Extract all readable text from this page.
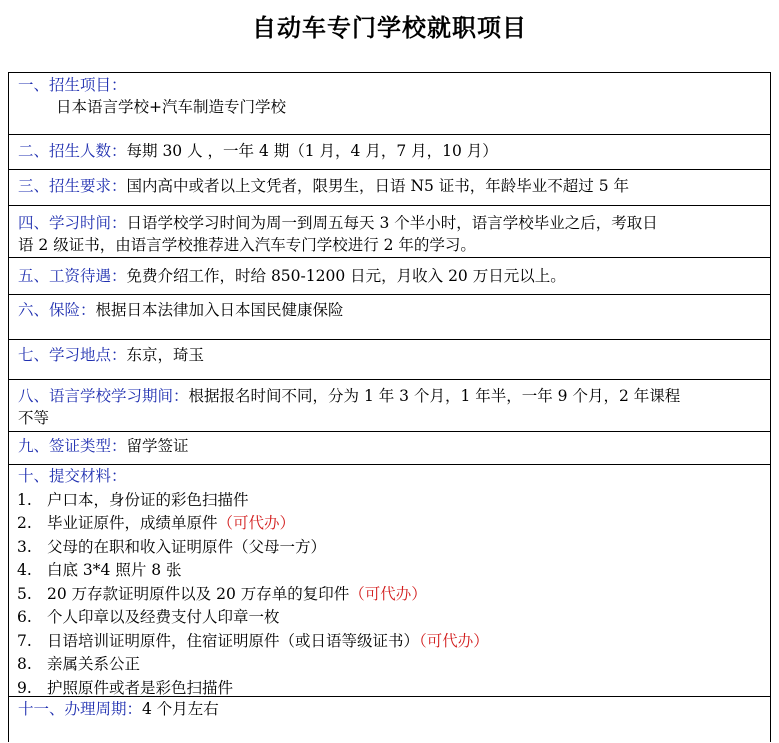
自动车专门学校就职项目
一、招生项目：

日本语言学校+汽车制造专门学校
二、招生人数：每期 30 人 ，一年 4 期（1 月，4 月，7 月，10 月）
三、招生要求：国内高中或者以上文凭者，限男生，日语 N5 证书，年龄毕业不超过 5 年
四、学习时间：日语学校学习时间为周一到周五每天 3 个半小时，语言学校毕业之后，考取日
语 2 级证书，由语言学校推荐进入汽车专门学校进行 2 年的学习。
五、工资待遇：免费介绍工作，时给 850-1200 日元，月收入 20 万日元以上。
六、保险：根据日本法律加入日本国民健康保险
七、学习地点：东京，琦玉
八、语言学校学习期间：根据报名时间不同，分为 1 年 3 个月，1 年半，一年 9 个月，2 年课程
不等
九、签证类型：留学签证
十、提交材料：
1. 户口本，身份证的彩色扫描件
2. 毕业证原件，成绩单原件（可代办）
3. 父母的在职和收入证明原件（父母一方）
4. 白底 3*4 照片 8 张
5. 20 万存款证明原件以及 20 万存单的复印件（可代办）
6. 个人印章以及经费支付人印章一枚
7. 日语培训证明原件，住宿证明原件（或日语等级证书）（可代办）
8. 亲属关系公正
9. 护照原件或者是彩色扫描件
十一、办理周期：4 个月左右
